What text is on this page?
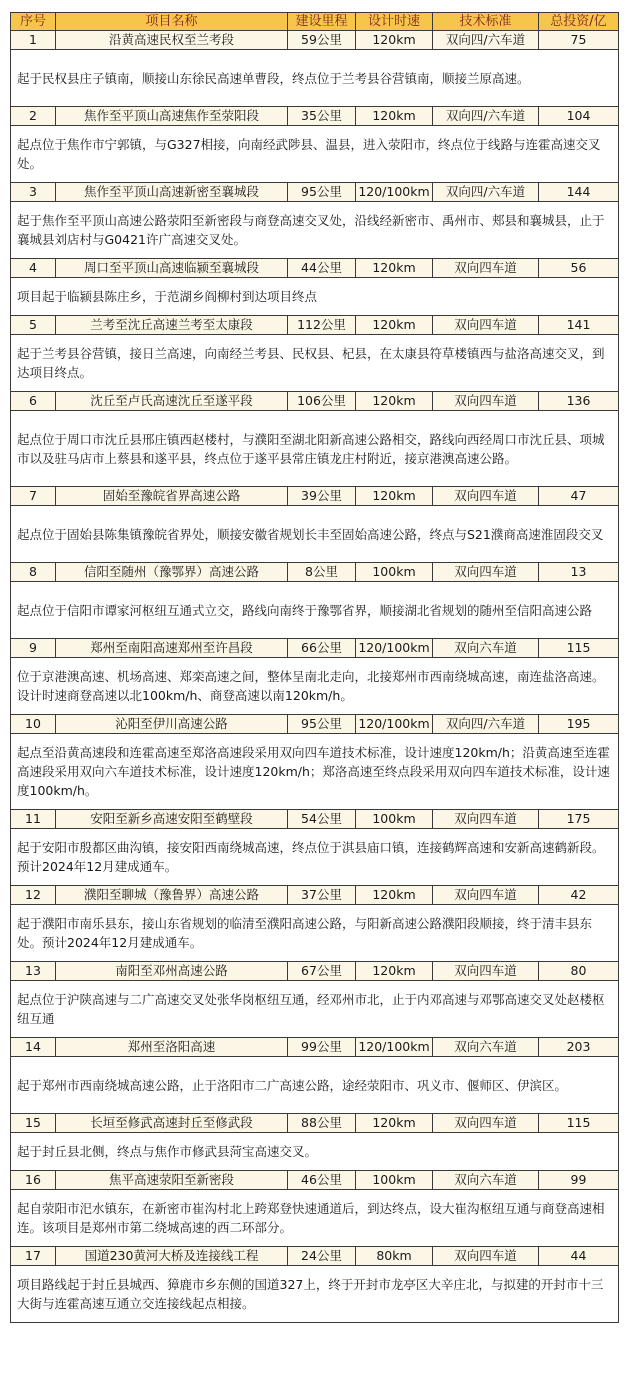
序号	项目名称	建设里程	设计时速	技术标准	总投资/亿
1	沿黄高速民权至兰考段	59公里	120km	双向四/六车道	75
起于民权县庄子镇南，顺接山东徐民高速单曹段，终点位于兰考县谷营镇南，顺接兰原高速。					
2	焦作至平顶山高速焦作至荥阳段	35公里	120km	双向四/六车道	104
起点位于焦作市宁郭镇，与G327相接，向南经武陟县、温县，进入荥阳市，终点位于线路与连霍高速交叉处。					
3	焦作至平顶山高速新密至襄城段	95公里	120/100km	双向四/六车道	144
起于焦作至平顶山高速公路荥阳至新密段与商登高速交叉处，沿线经新密市、禹州市、郏县和襄城县，止于襄城县刘店村与G0421许广高速交叉处。					
4	周口至平顶山高速临颍至襄城段	44公里	120km	双向四车道	56
项目起于临颍县陈庄乡，于范湖乡阎柳村到达项目终点					
5	兰考至沈丘高速兰考至太康段	112公里	120km	双向四车道	141
起于兰考县谷营镇，接日兰高速，向南经兰考县、民权县、杞县，在太康县符草楼镇西与盐洛高速交叉，到达项目终点。					
6	沈丘至卢氏高速沈丘至遂平段	106公里	120km	双向四车道	136
起点位于周口市沈丘县邢庄镇西赵楼村，与濮阳至湖北阳新高速公路相交，路线向西经周口市沈丘县、项城市以及驻马店市上蔡县和遂平县，终点位于遂平县常庄镇龙庄村附近，接京港澳高速公路。					
7	固始至豫皖省界高速公路	39公里	120km	双向四车道	47
起点位于固始县陈集镇豫皖省界处，顺接安徽省规划长丰至固始高速公路，终点与S21濮商高速淮固段交叉					
8	信阳至随州（豫鄂界）高速公路	8公里	100km	双向四车道	13
起点位于信阳市谭家河枢纽互通式立交，路线向南终于豫鄂省界，顺接湖北省规划的随州至信阳高速公路					
9	郑州至南阳高速郑州至许昌段	66公里	120/100km	双向六车道	115
位于京港澳高速、机场高速、郑栾高速之间，整体呈南北走向，北接郑州市西南绕城高速，南连盐洛高速。设计时速商登高速以北100km/h、商登高速以南120km/h。					
10	沁阳至伊川高速公路	95公里	120/100km	双向四/六车道	195
起点至沿黄高速段和连霍高速至郑洛高速段采用双向四车道技术标准，设计速度120km/h；沿黄高速至连霍高速段采用双向六车道技术标准，设计速度120km/h；郑洛高速至终点段采用双向四车道技术标准，设计速度100km/h。					
11	安阳至新乡高速安阳至鹤壁段	54公里	100km	双向四车道	175
起于安阳市殷都区曲沟镇，接安阳西南绕城高速，终点位于淇县庙口镇，连接鹤辉高速和安新高速鹤新段。预计2024年12月建成通车。					
12	濮阳至聊城（豫鲁界）高速公路	37公里	120km	双向四车道	42
起于濮阳市南乐县东，接山东省规划的临清至濮阳高速公路，与阳新高速公路濮阳段顺接，终于清丰县东处。预计2024年12月建成通车。					
13	南阳至邓州高速公路	67公里	120km	双向四车道	80
起点位于沪陕高速与二广高速交叉处张华岗枢纽互通，经邓州市北，止于内邓高速与邓鄂高速交叉处赵楼枢纽互通					
14	郑州至洛阳高速	99公里	120/100km	双向六车道	203
起于郑州市西南绕城高速公路，止于洛阳市二广高速公路，途经荥阳市、巩义市、偃师区、伊滨区。					
15	长垣至修武高速封丘至修武段	88公里	120km	双向四车道	115
起于封丘县北侧，终点与焦作市修武县菏宝高速交叉。					
16	焦平高速荥阳至新密段	46公里	100km	双向六车道	99
起自荥阳市汜水镇东，在新密市崔沟村北上跨郑登快速通道后，到达终点，设大崔沟枢纽互通与商登高速相连。该项目是郑州市第二绕城高速的西二环部分。					
17	国道230黄河大桥及连接线工程	24公里	80km	双向四车道	44
项目路线起于封丘县城西、獐鹿市乡东侧的国道327上，终于开封市龙亭区大辛庄北，与拟建的开封市十三大街与连霍高速互通立交连接线起点相接。					
